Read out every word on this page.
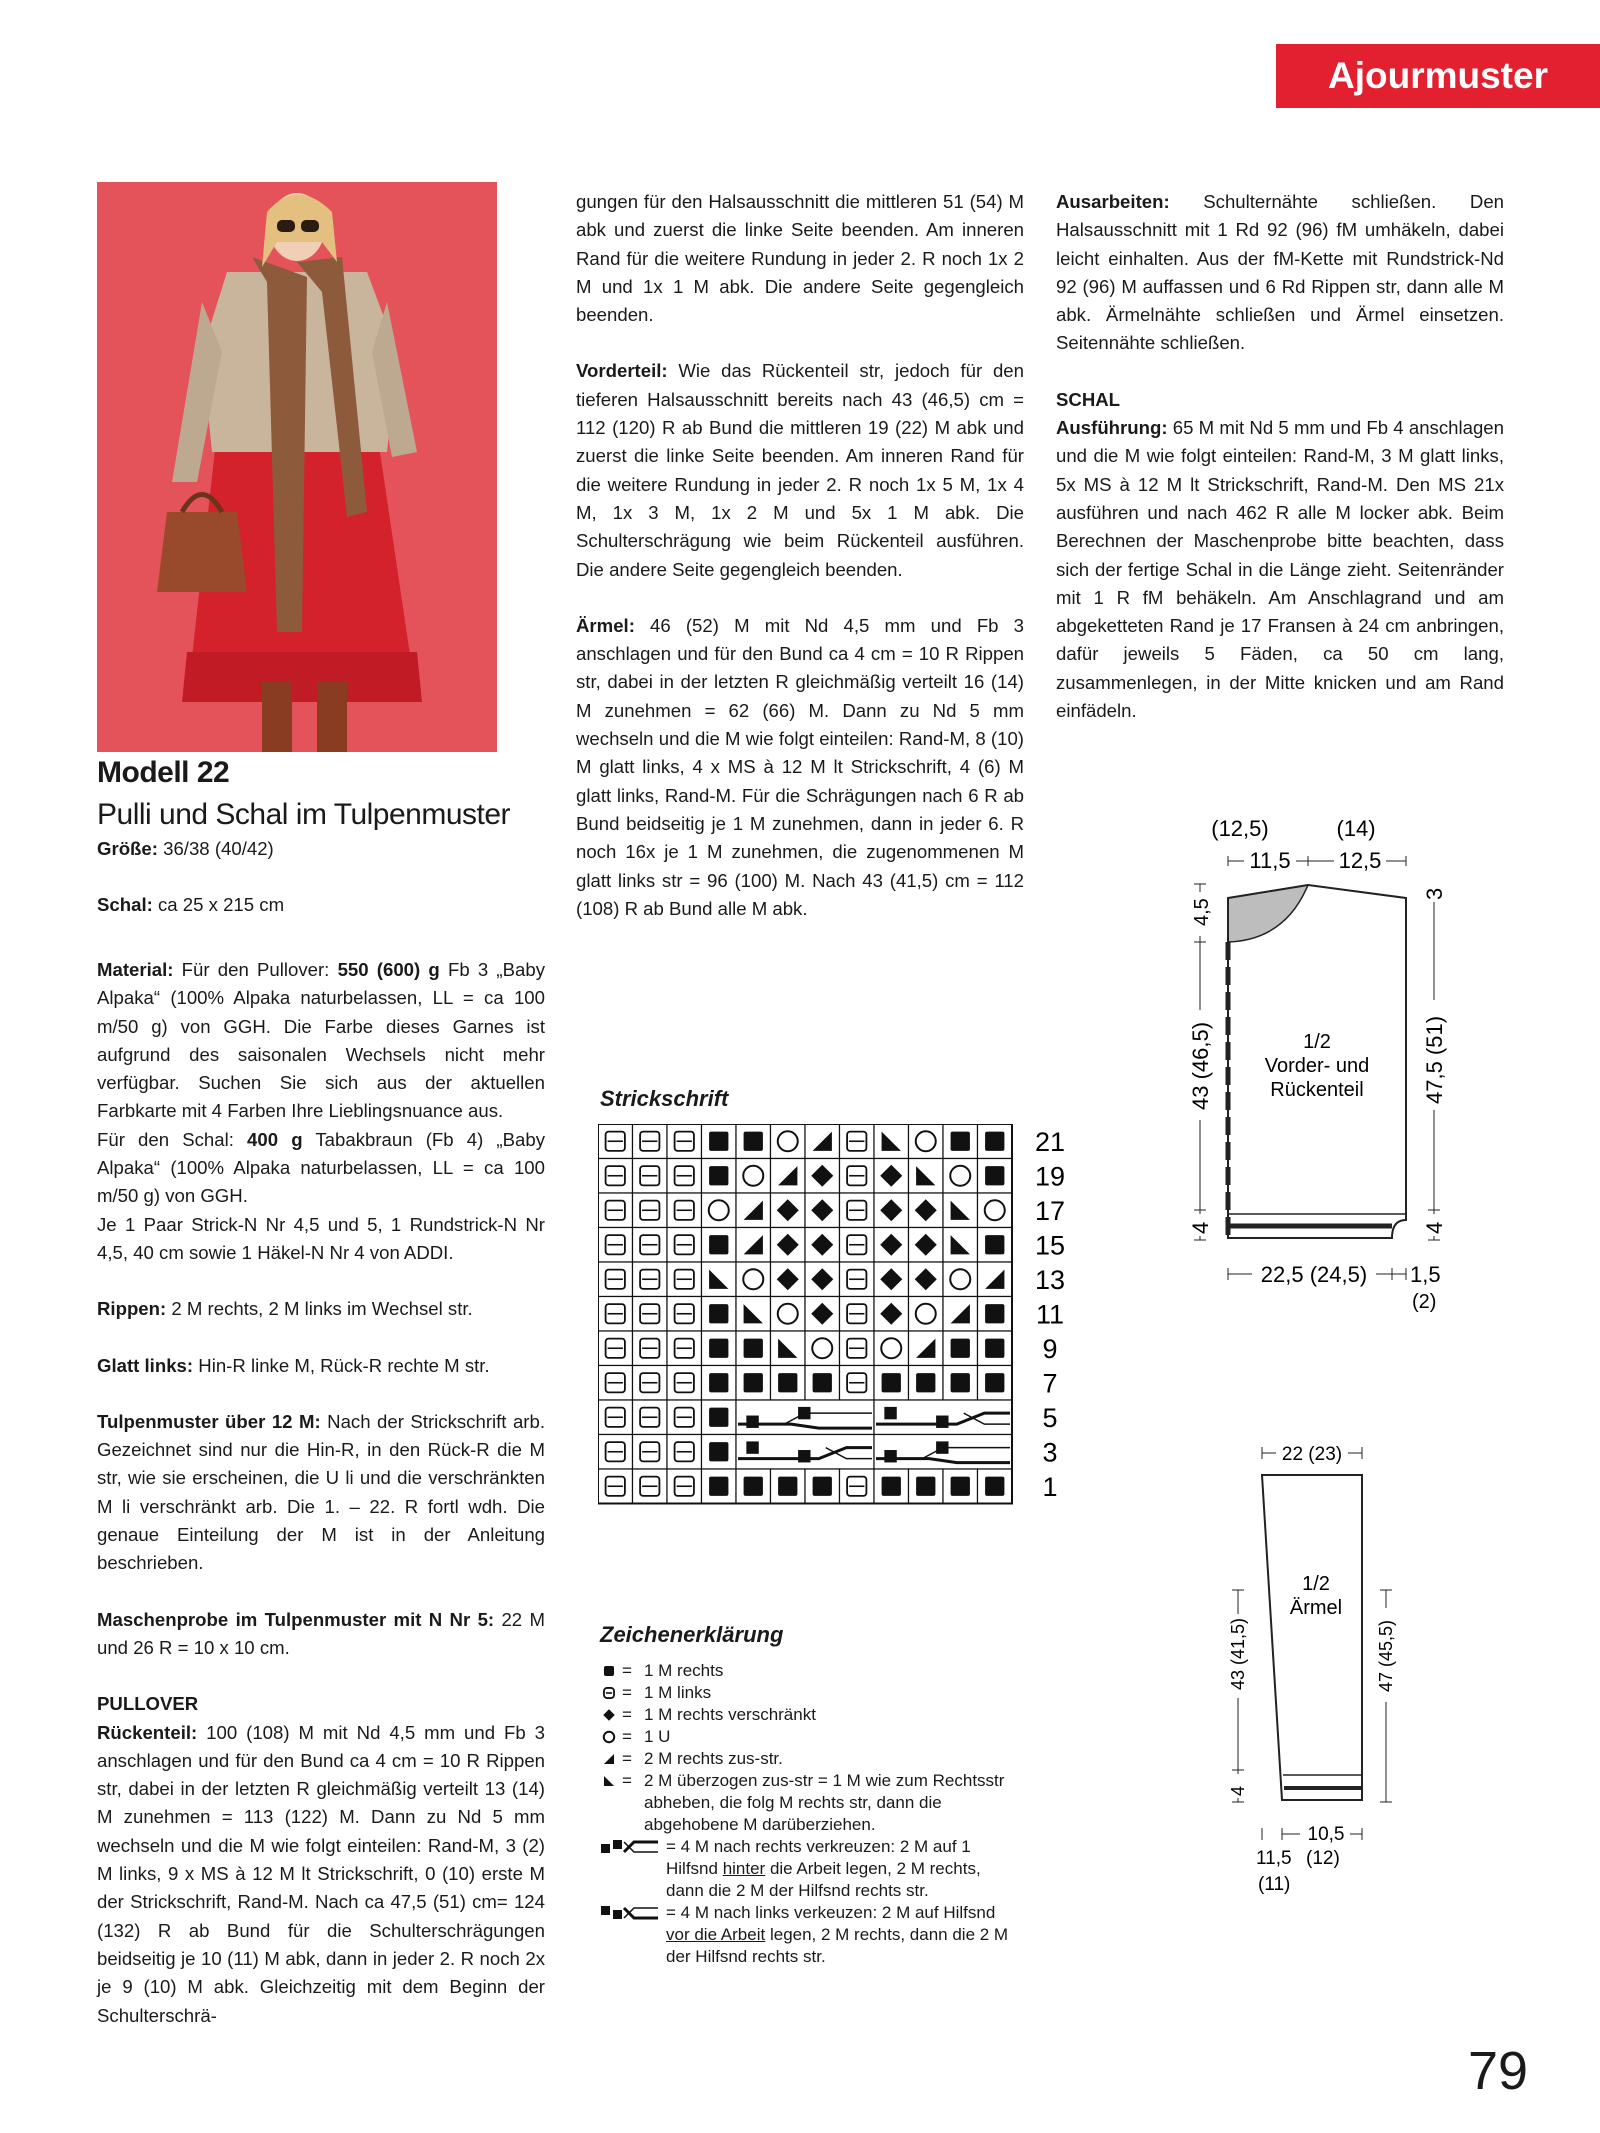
Ajourmuster
Modell 22
Pulli und Schal im Tulpenmuster
Größe: 36/38 (40/42)
Schal: ca 25 x 215 cm

Material: Für den Pullover: 550 (600) g Fb 3 „Baby Alpaka“ (100% Alpaka naturbelassen, LL = ca 100 m/50 g) von GGH. Die Farbe dieses Garnes ist aufgrund des saisonalen Wechsels nicht mehr verfügbar. Suchen Sie sich aus der aktuellen Farbkarte mit 4 Farben Ihre Lieblingsnuance aus.

Für den Schal: 400 g Tabakbraun (Fb 4) „Baby Alpaka“ (100% Alpaka naturbelassen, LL = ca 100 m/50 g) von GGH.

Je 1 Paar Strick-N Nr 4,5 und 5, 1 Rundstrick-N Nr 4,5, 40 cm sowie 1 Häkel-N Nr 4 von ADDI.

Rippen: 2 M rechts, 2 M links im Wechsel str.

Glatt links: Hin-R linke M, Rück-R rechte M str.

Tulpenmuster über 12 M: Nach der Strickschrift arb. Gezeichnet sind nur die Hin-R, in den Rück-R die M str, wie sie erscheinen, die U li und die verschränkten M li verschränkt arb. Die 1. – 22. R fortl wdh. Die genaue Einteilung der M ist in der Anleitung beschrieben.

Maschenprobe im Tulpenmuster mit N Nr 5: 22 M und 26 R = 10 x 10 cm.

PULLOVER

Rückenteil: 100 (108) M mit Nd 4,5 mm und Fb 3 anschlagen und für den Bund ca 4 cm = 10 R Rippen str, dabei in der letzten R gleichmäßig verteilt 13 (14) M zunehmen = 113 (122) M. Dann zu Nd 5 mm wechseln und die M wie folgt einteilen: Rand-M, 3 (2) M links, 9 x MS à 12 M lt Strickschrift, 0 (10) erste M der Strickschrift, Rand-M. Nach ca 47,5 (51) cm= 124 (132) R ab Bund für die Schulterschrägungen beidseitig je 10 (11) M abk, dann in jeder 2. R noch 2x je 9 (10) M abk. Gleichzeitig mit dem Beginn der Schulterschrä-

gungen für den Halsausschnitt die mittleren 51 (54) M abk und zuerst die linke Seite beenden. Am inneren Rand für die weitere Rundung in jeder 2. R noch 1x 2 M und 1x 1 M abk. Die andere Seite gegengleich beenden.

Vorderteil: Wie das Rückenteil str, jedoch für den tieferen Halsausschnitt bereits nach 43 (46,5) cm = 112 (120) R ab Bund die mittleren 19 (22) M abk und zuerst die linke Seite beenden. Am inneren Rand für die weitere Rundung in jeder 2. R noch 1x 5 M, 1x 4 M, 1x 3 M, 1x 2 M und 5x 1 M abk. Die Schulterschrägung wie beim Rückenteil ausführen. Die andere Seite gegengleich beenden.

Ärmel: 46 (52) M mit Nd 4,5 mm und Fb 3 anschlagen und für den Bund ca 4 cm = 10 R Rippen str, dabei in der letzten R gleichmäßig verteilt 16 (14) M zunehmen = 62 (66) M. Dann zu Nd 5 mm wechseln und die M wie folgt einteilen: Rand-M, 8 (10) M glatt links, 4 x MS à 12 M lt Strickschrift, 4 (6) M glatt links, Rand-M. Für die Schrägungen nach 6 R ab Bund beidseitig je 1 M zunehmen, dann in jeder 6. R noch 16x je 1 M zunehmen, die zugenommenen M glatt links str = 96 (100) M. Nach 43 (41,5) cm = 112 (108) R ab Bund alle M abk.

Ausarbeiten: Schulternähte schließen. Den Halsausschnitt mit 1 Rd 92 (96) fM umhäkeln, dabei leicht einhalten. Aus der fM-Kette mit Rundstrick-Nd 92 (96) M auffassen und 6 Rd Rippen str, dann alle M abk. Ärmelnähte schließen und Ärmel einsetzen. Seitennähte schließen.

SCHAL

Ausführung: 65 M mit Nd 5 mm und Fb 4 anschlagen und die M wie folgt einteilen: Rand-M, 3 M glatt links, 5x MS à 12 M lt Strickschrift, Rand-M. Den MS 21x ausführen und nach 462 R alle M locker abk. Beim Berechnen der Maschenprobe bitte beachten, dass sich der fertige Schal in die Länge zieht. Seitenränder mit 1 R fM behäkeln. Am Anschlagrand und am abgeketteten Rand je 17 Fransen à 24 cm anbringen, dafür jeweils 5 Fäden, ca 50 cm lang, zusammenlegen, in der Mitte knicken und am Rand einfädeln.

Strickschrift
21
19
17
15
13
11
9
7
5
3
1
Zeichenerklärung
= 1 M rechts
= 1 M links
= 1 M rechts verschränkt
= 1 U
= 2 M rechts zus-str.
= 2 M überzogen zus-str = 1 M wie zum Rechtsstr abheben, die folg M rechts str, dann die abgehobene M darüberziehen.
= 4 M nach rechts verkreuzen: 2 M auf 1 Hilfsnd hinter die Arbeit legen, 2 M rechts, dann die 2 M der Hilfsnd rechts str.
= 4 M nach links verkeuzen: 2 M auf Hilfsnd vor die Arbeit legen, 2 M rechts, dann die 2 M der Hilfsnd rechts str.
(12,5)	(14)
11,5 12,5
1/2
Vorder- und
Rückenteil
4,5
43 (46,5)
4
3
47,5 (51)
4
22,5 (24,5) 1,5
(2)
22 (23)
1/2
Ärmel
43 (41,5)
4
47 (45,5)
10,5
11,5 (12)
(11)
79
